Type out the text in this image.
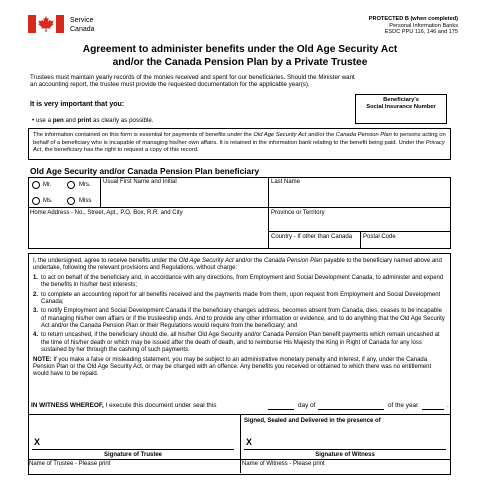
Service
Canada
PROTECTED B (when completed)
Personal Information Banks
ESDC PPU 116, 146 and 175
Agreement to administer benefits under the Old Age Security Act
and/or the Canada Pension Plan by a Private Trustee
Trustees must maintain yearly records of the monies received and spent for our beneficiaries. Should the Minister want an accounting report, the trustee must provide the requested documentation for the applicable year(s).
It is very important that you:
• use a pen and print as clearly as possible.
Beneficiary's
Social Insurance Number
The information contained on this form is essential for payments of benefits under the Old Age Security Act and/or the Canada Pension Plan to persons acting on behalf of a beneficiary who is incapable of managing his/her own affairs. It is retained in the information bank relating to the benefit being paid. Under the Privacy Act, the beneficiary has the right to request a copy of this record.
Old Age Security and/or Canada Pension Plan beneficiary
Mr.	Mrs.
Ms.	Miss
Usual First Name and Initial	Last Name
Home Address - No., Street, Apt., P.O. Box, R.R. and City	Province or Territory
Country - If other than Canada	Postal Code

I, the undersigned, agree to receive benefits under the Old Age Security Act and/or the Canada Pension Plan payable to the beneficiary named above and undertake, following the relevant provisions and Regulations, without charge:

1. to act on behalf of the beneficiary and, in accordance with any directions, from Employment and Social Development Canada, to administer and expend the benefits in his/her best interests;
2. to complete an accounting report for all benefits received and the payments made from them, upon request from Employment and Social Development Canada;
3. to notify Employment and Social Development Canada if the beneficiary changes address, becomes absent from Canada, dies, ceases to be incapable of managing his/her own affairs or if the trusteeship ends. And to provide any other information or evidence, and to do anything that the Old Age Security Act and/or the Canada Pension Plan or their Regulations would require from the beneficiary; and
4. to return uncashed, if the beneficiary should die, all his/her Old Age Security and/or Canada Pension Plan benefit payments which remain uncashed at the time of his/her death or which may be issued after the death of death, and to reimburse His Majesty the King in Right of Canada for any loss sustained by her through the cashing of such payments.

NOTE: If you make a false or misleading statement, you may be subject to an administrative monetary penalty and interest, if any, under the Canada Pension Plan or the Old Age Security Act, or may be charged with an offence. Any benefits you received or obtained to which there was no entitlement would have to be repaid.

IN WITNESS WHEREOF, I execute this document under seal this	day of	of the year	.
Signed, Sealed and Delivered in the presence of
X
Signature of Trustee
Name of Trustee - Please print
X
Signature of Witness
Name of Witness - Please print
